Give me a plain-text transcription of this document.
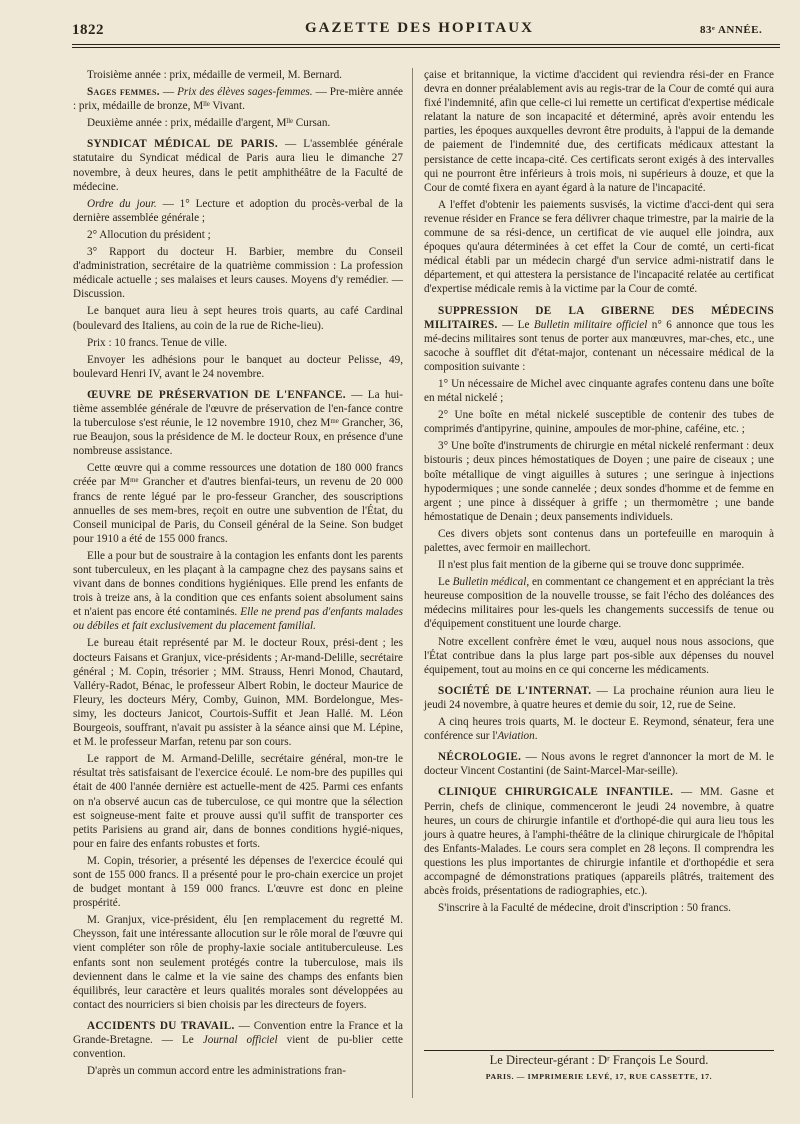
1822	GAZETTE DES HOPITAUX	83ᵉ ANNÉE.

Troisième année : prix, médaille de vermeil, M. Bernard.

Sages femmes. — Prix des élèves sages-femmes. — Pre-mière année : prix, médaille de bronze, Mˡˡᵉ Vivant.

Deuxième année : prix, médaille d'argent, Mˡˡᵉ Cursan.

SYNDICAT MÉDICAL DE PARIS. — L'assemblée générale statutaire du Syndicat médical de Paris aura lieu le dimanche 27 novembre, à deux heures, dans le petit amphithéâtre de la Faculté de médecine.

Ordre du jour. — 1° Lecture et adoption du procès-verbal de la dernière assemblée générale ;

2° Allocution du président ;

3° Rapport du docteur H. Barbier, membre du Conseil d'administration, secrétaire de la quatrième commission : La profession médicale actuelle ; ses malaises et leurs causes. Moyens d'y remédier. — Discussion.

Le banquet aura lieu à sept heures trois quarts, au café Cardinal (boulevard des Italiens, au coin de la rue de Riche-lieu).

Prix : 10 francs. Tenue de ville.

Envoyer les adhésions pour le banquet au docteur Pelisse, 49, boulevard Henri IV, avant le 24 novembre.

ŒUVRE DE PRÉSERVATION DE L'ENFANCE. — La hui-tième assemblée générale de l'œuvre de préservation de l'en-fance contre la tuberculose s'est réunie, le 12 novembre 1910, chez Mᵐᵉ Grancher, 36, rue Beaujon, sous la présidence de M. le docteur Roux, en présence d'une nombreuse assistance.

Cette œuvre qui a comme ressources une dotation de 180 000 francs créée par Mᵐᵉ Grancher et d'autres bienfai-teurs, un revenu de 20 000 francs de rente légué par le pro-fesseur Grancher, des souscriptions annuelles de ses mem-bres, reçoit en outre une subvention de l'État, du Conseil municipal de Paris, du Conseil général de la Seine. Son budget pour 1910 a été de 155 000 francs.

Elle a pour but de soustraire à la contagion les enfants dont les parents sont tuberculeux, en les plaçant à la campagne chez des paysans sains et vivant dans de bonnes conditions hygiéniques. Elle prend les enfants de trois à treize ans, à la condition que ces enfants soient absolument sains et n'aient pas encore été contaminés. Elle ne prend pas d'enfants malades ou débiles et fait exclusivement du placement familial.

Le bureau était représenté par M. le docteur Roux, prési-dent ; les docteurs Faisans et Granjux, vice-présidents ; Ar-mand-Delille, secrétaire général ; M. Copin, trésorier ; MM. Strauss, Henri Monod, Chautard, Valléry-Radot, Bénac, le professeur Albert Robin, le docteur Maurice de Fleury, les docteurs Méry, Comby, Guinon, MM. Bordelongue, Mes-simy, les docteurs Janicot, Courtois-Suffit et Jean Hallé. M. Léon Bourgeois, souffrant, n'avait pu assister à la séance ainsi que M. Lépine, et M. le professeur Marfan, retenu par son cours.

Le rapport de M. Armand-Delille, secrétaire général, mon-tre le résultat très satisfaisant de l'exercice écoulé. Le nom-bre des pupilles qui était de 400 l'année dernière est actuelle-ment de 425. Parmi ces enfants on n'a observé aucun cas de tuberculose, ce qui montre que la sélection est soigneuse-ment faite et prouve aussi qu'il suffit de transporter ces petits Parisiens au grand air, dans de bonnes conditions hygié-niques, pour en faire des enfants robustes et forts.

M. Copin, trésorier, a présenté les dépenses de l'exercice écoulé qui sont de 155 000 francs. Il a présenté pour le pro-chain exercice un projet de budget montant à 159 000 francs. L'œuvre est donc en pleine prospérité.

M. Granjux, vice-président, élu [en remplacement du regretté M. Cheysson, fait une intéressante allocution sur le rôle moral de l'œuvre qui vient compléter son rôle de prophy-laxie sociale antituberculeuse. Les enfants sont non seulement protégés contre la tuberculose, mais ils deviennent dans le calme et la vie saine des champs des enfants bien équilibrés, leur caractère et leurs qualités morales sont développées au contact des nourriciers si bien choisis par les directeurs de foyers.

ACCIDENTS DU TRAVAIL. — Convention entre la France et la Grande-Bretagne. — Le Journal officiel vient de pu-blier cette convention.

D'après un commun accord entre les administrations fran-

çaise et britannique, la victime d'accident qui reviendra rési-der en France devra en donner préalablement avis au regis-trar de la Cour de comté qui aura fixé l'indemnité, afin que celle-ci lui remette un certificat d'expertise médicale relatant la nature de son incapacité et déterminé, après avoir entendu les parties, les époques auxquelles devront être produits, à l'appui de la demande de paiement de l'indemnité due, des certificats médicaux attestant la persistance de cette incapa-cité. Ces certificats seront exigés à des intervalles qui ne pourront être inférieurs à trois mois, ni supérieurs à douze, et que la Cour de comté fixera en ayant égard à la nature de l'incapacité.

A l'effet d'obtenir les paiements susvisés, la victime d'acci-dent qui sera revenue résider en France se fera délivrer chaque trimestre, par la mairie de la commune de sa rési-dence, un certificat de vie auquel elle joindra, aux époques qu'aura déterminées à cet effet la Cour de comté, un certi-ficat médical établi par un médecin chargé d'un service admi-nistratif dans le département, et qui attestera la persistance de l'incapacité relatée au certificat d'expertise médicale remis à la victime par la Cour de comté.

SUPPRESSION DE LA GIBERNE DES MÉDECINS MILITAIRES. — Le Bulletin militaire officiel n° 6 annonce que tous les mé-decins militaires sont tenus de porter aux manœuvres, mar-ches, etc., une sacoche à soufflet dit d'état-major, contenant un nécessaire médical de la composition suivante :

1° Un nécessaire de Michel avec cinquante agrafes contenu dans une boîte en métal nickelé ;

2° Une boîte en métal nickelé susceptible de contenir des tubes de comprimés d'antipyrine, quinine, ampoules de mor-phine, caféine, etc. ;

3° Une boîte d'instruments de chirurgie en métal nickelé renfermant : deux bistouris ; deux pinces hémostatiques de Doyen ; une paire de ciseaux ; une boîte métallique de vingt aiguilles à sutures ; une seringue à injections hypodermiques ; une sonde cannelée ; deux sondes d'homme et de femme en argent ; une pince à disséquer à griffe ; un thermomètre ; une bande hémostatique de Denain ; deux pansements individuels.

Ces divers objets sont contenus dans un portefeuille en maroquin à palettes, avec fermoir en maillechort.

Il n'est plus fait mention de la giberne qui se trouve donc supprimée.

Le Bulletin médical, en commentant ce changement et en appréciant la très heureuse composition de la nouvelle trousse, se fait l'écho des doléances des médecins militaires pour les-quels les changements successifs de tenue ou d'équipement constituent une lourde charge.

Notre excellent confrère émet le vœu, auquel nous nous associons, que l'État contribue dans la plus large part pos-sible aux dépenses du nouvel équipement, tout au moins en ce qui concerne les médicaments.

SOCIÉTÉ DE L'INTERNAT. — La prochaine réunion aura lieu le jeudi 24 novembre, à quatre heures et demie du soir, 12, rue de Seine.

A cinq heures trois quarts, M. le docteur E. Reymond, sénateur, fera une conférence sur l'Aviation.

NÉCROLOGIE. — Nous avons le regret d'annoncer la mort de M. le docteur Vincent Costantini (de Saint-Marcel-Mar-seille).

CLINIQUE CHIRURGICALE INFANTILE. — MM. Gasne et Perrin, chefs de clinique, commenceront le jeudi 24 novembre, à quatre heures, un cours de chirurgie infantile et d'orthopé-die qui aura lieu tous les jours à quatre heures, à l'amphi-théâtre de la clinique chirurgicale de l'hôpital des Enfants-Malades. Le cours sera complet en 28 leçons. Il comprendra les questions les plus importantes de chirurgie infantile et d'orthopédie et sera accompagné de démonstrations pratiques (appareils plâtrés, traitement des abcès froids, présentations de radiographies, etc.).

S'inscrire à la Faculté de médecine, droit d'inscription : 50 francs.

Le Directeur-gérant : Dʳ François Le Sourd.
PARIS. — IMPRIMERIE LEVÉ, 17, RUE CASSETTE, 17.
